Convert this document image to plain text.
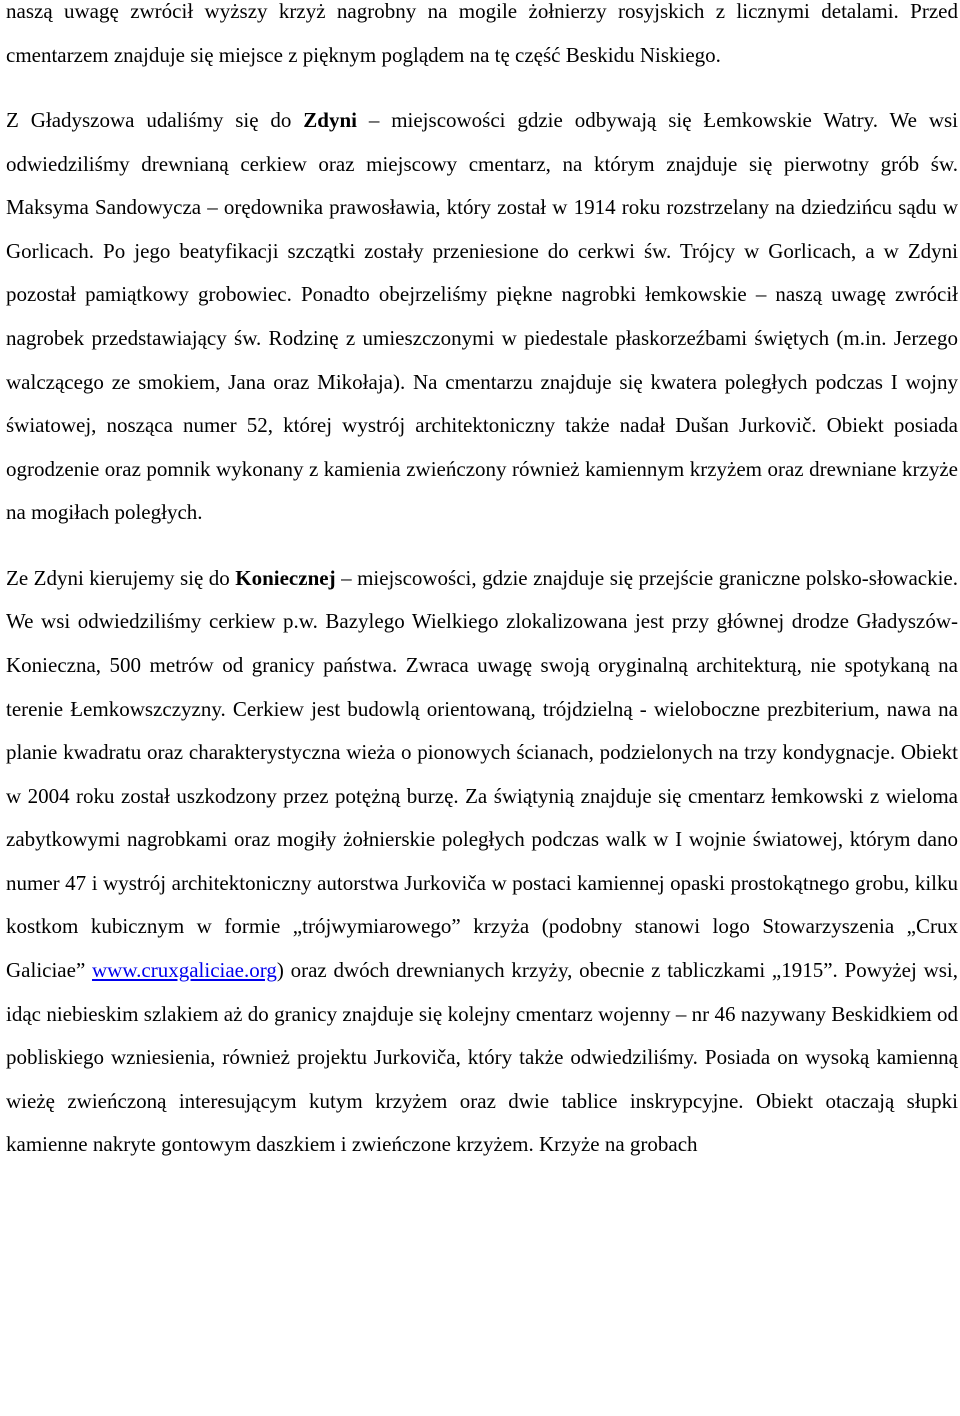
naszą uwagę zwrócił wyższy krzyż nagrobny na mogile żołnierzy rosyjskich z licznymi detalami. Przed cmentarzem znajduje się miejsce z pięknym poglądem na tę część Beskidu Niskiego.

Z Gładyszowa udaliśmy się do Zdyni – miejscowości gdzie odbywają się Łemkowskie Watry. We wsi odwiedziliśmy drewnianą cerkiew oraz miejscowy cmentarz, na którym znajduje się pierwotny grób św. Maksyma Sandowycza – orędownika prawosławia, który został w 1914 roku rozstrzelany na dziedzińcu sądu w Gorlicach. Po jego beatyfikacji szczątki zostały przeniesione do cerkwi św. Trójcy w Gorlicach, a w Zdyni pozostał pamiątkowy grobowiec. Ponadto obejrzeliśmy piękne nagrobki łemkowskie – naszą uwagę zwrócił nagrobek przedstawiający św. Rodzinę z umieszczonymi w piedestale płaskorzeźbami świętych (m.in. Jerzego walczącego ze smokiem, Jana oraz Mikołaja). Na cmentarzu znajduje się kwatera poległych podczas I wojny światowej, nosząca numer 52, której wystrój architektoniczny także nadał Dušan Jurkovič. Obiekt posiada ogrodzenie oraz pomnik wykonany z kamienia zwieńczony również kamiennym krzyżem oraz drewniane krzyże na mogiłach poległych.

Ze Zdyni kierujemy się do Koniecznej – miejscowości, gdzie znajduje się przejście graniczne polsko-słowackie. We wsi odwiedziliśmy cerkiew p.w. Bazylego Wielkiego zlokalizowana jest przy głównej drodze Gładyszów-Konieczna, 500 metrów od granicy państwa. Zwraca uwagę swoją oryginalną architekturą, nie spotykaną na terenie Łemkowszczyzny. Cerkiew jest budowlą orientowaną, trójdzielną - wieloboczne prezbiterium, nawa na planie kwadratu oraz charakterystyczna wieża o pionowych ścianach, podzielonych na trzy kondygnacje. Obiekt w 2004 roku został uszkodzony przez potężną burzę. Za świątynią znajduje się cmentarz łemkowski z wieloma zabytkowymi nagrobkami oraz mogiły żołnierskie poległych podczas walk w I wojnie światowej, którym dano numer 47 i wystrój architektoniczny autorstwa Jurkoviča w postaci kamiennej opaski prostokątnego grobu, kilku kostkom kubicznym w formie „trójwymiarowego” krzyża (podobny stanowi logo Stowarzyszenia „Crux Galiciae” www.cruxgaliciae.org) oraz dwóch drewnianych krzyży, obecnie z tabliczkami „1915”. Powyżej wsi, idąc niebieskim szlakiem aż do granicy znajduje się kolejny cmentarz wojenny – nr 46 nazywany Beskidkiem od pobliskiego wzniesienia, również projektu Jurkoviča, który także odwiedziliśmy. Posiada on wysoką kamienną wieżę zwieńczoną interesującym kutym krzyżem oraz dwie tablice inskrypcyjne. Obiekt otaczają słupki kamienne nakryte gontowym daszkiem i zwieńczone krzyżem. Krzyże na grobach
